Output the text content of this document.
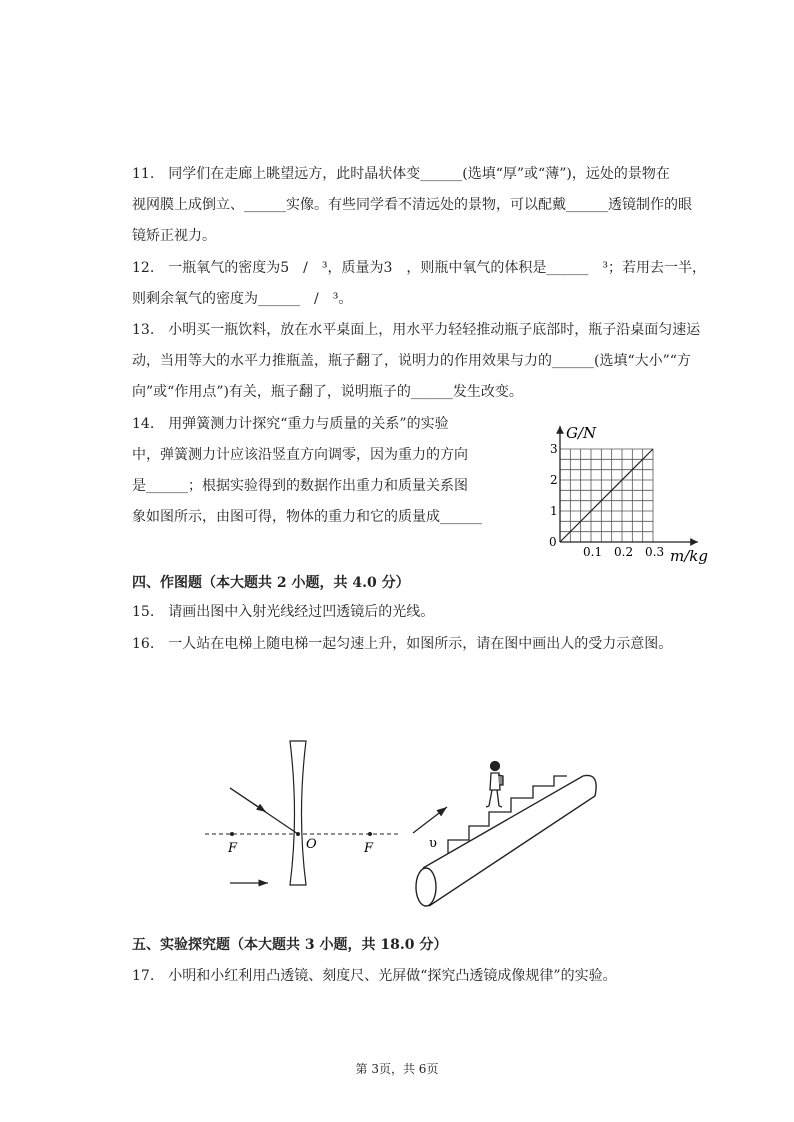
11.　同学们在走廊上眺望远方，此时晶状体变______(选填“厚”或“薄”)，远处的景物在
视网膜上成倒立、______实像。有些同学看不清远处的景物，可以配戴______透镜制作的眼
镜矫正视力。
12.　一瓶氧气的密度为5　/　³，质量为3　，则瓶中氧气的体积是______　³；若用去一半，
则剩余氧气的密度为______　/　³。
13.　小明买一瓶饮料，放在水平桌面上，用水平力轻轻推动瓶子底部时，瓶子沿桌面匀速运
动，当用等大的水平力推瓶盖，瓶子翻了，说明力的作用效果与力的______(选填“大小”“方
向”或“作用点”)有关，瓶子翻了，说明瓶子的______发生改变。
14.　用弹簧测力计探究“重力与质量的关系”的实验
中，弹簧测力计应该沿竖直方向调零，因为重力的方向
是______；根据实验得到的数据作出重力和质量关系图
象如图所示，由图可得，物体的重力和它的质量成______
G/N
m/kg
0
1
2
3
0.1 0.2 0.3
四、作图题（本大题共 2 小题，共 4.0 分）
15.　请画出图中入射光线经过凹透镜后的光线。
16.　一人站在电梯上随电梯一起匀速上升，如图所示，请在图中画出人的受力示意图。
F	O	F	υ
五、实验探究题（本大题共 3 小题，共 18.0 分）
17.　小明和小红利用凸透镜、刻度尺、光屏做“探究凸透镜成像规律”的实验。
第 3页，共 6页
